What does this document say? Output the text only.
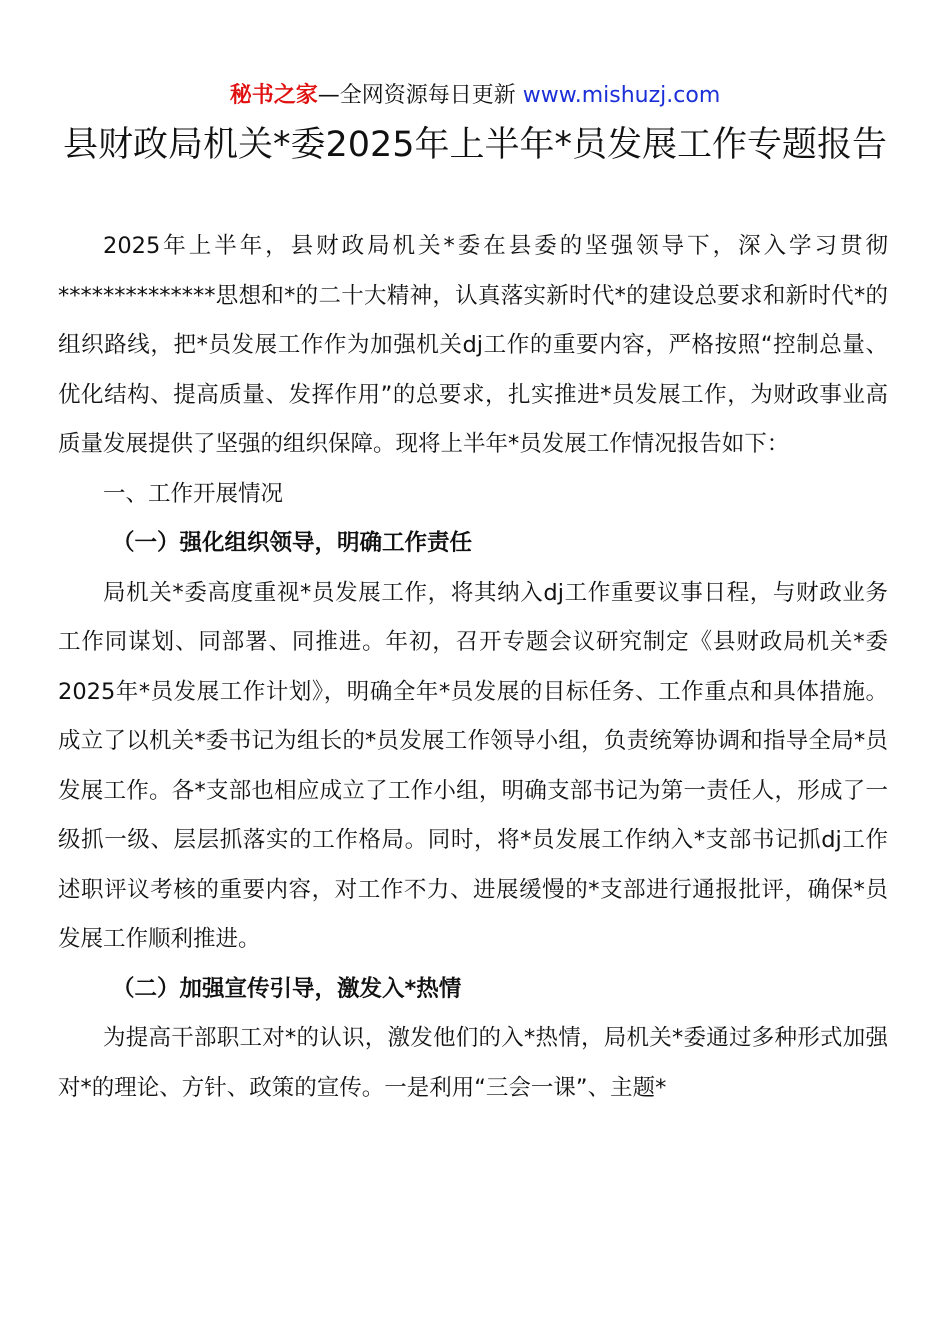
秘书之家—全网资源每日更新 www.mishuzj.com
县财政局机关*委2025年上半年*员发展工作专题报告

2025年上半年，县财政局机关*委在县委的坚强领导下，深入学习贯彻**************思想和*的二十大精神，认真落实新时代*的建设总要求和新时代*的组织路线，把*员发展工作作为加强机关dj工作的重要内容，严格按照“控制总量、优化结构、提高质量、发挥作用”的总要求，扎实推进*员发展工作，为财政事业高质量发展提供了坚强的组织保障。现将上半年*员发展工作情况报告如下：

一、工作开展情况
（一）强化组织领导，明确工作责任

局机关*委高度重视*员发展工作，将其纳入dj工作重要议事日程，与财政业务工作同谋划、同部署、同推进。年初，召开专题会议研究制定《县财政局机关*委2025年*员发展工作计划》，明确全年*员发展的目标任务、工作重点和具体措施。成立了以机关*委书记为组长的*员发展工作领导小组，负责统筹协调和指导全局*员发展工作。各*支部也相应成立了工作小组，明确支部书记为第一责任人，形成了一级抓一级、层层抓落实的工作格局。同时，将*员发展工作纳入*支部书记抓dj工作述职评议考核的重要内容，对工作不力、进展缓慢的*支部进行通报批评，确保*员发展工作顺利推进。

（二）加强宣传引导，激发入*热情

为提高干部职工对*的认识，激发他们的入*热情，局机关*委通过多种形式加强对*的理论、方针、政策的宣传。一是利用“三会一课”、主题*
